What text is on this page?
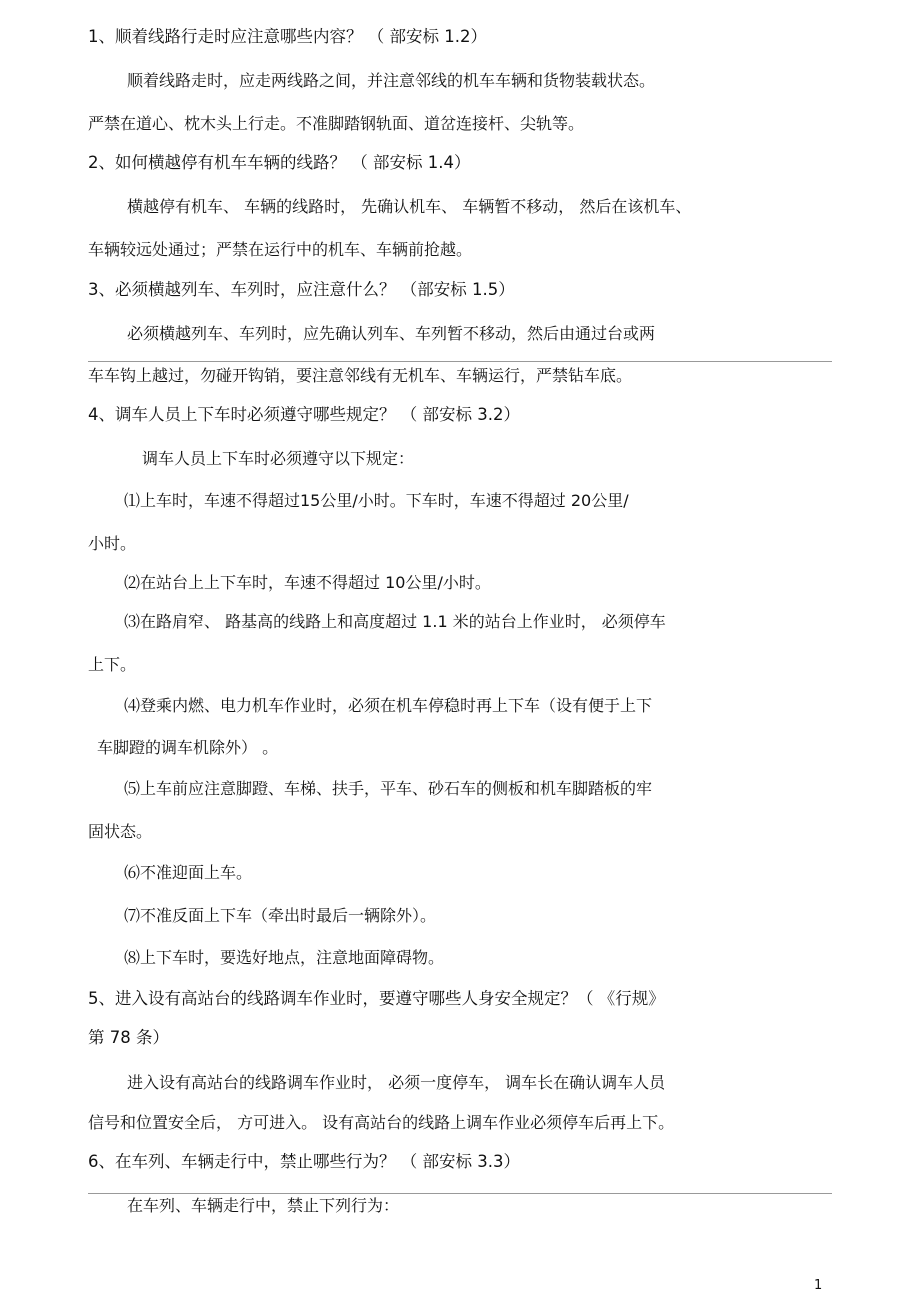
1、顺着线路行走时应注意哪些内容？ （ 部安标 1.2）
顺着线路走时，应走两线路之间，并注意邻线的机车车辆和货物装载状态。
严禁在道心、枕木头上行走。不准脚踏钢轨面、道岔连接杆、尖轨等。
2、如何横越停有机车车辆的线路？ （ 部安标 1.4）
横越停有机车、 车辆的线路时， 先确认机车、 车辆暂不移动， 然后在该机车、
车辆较远处通过；严禁在运行中的机车、车辆前抢越。
3、必须横越列车、车列时，应注意什么？ （部安标 1.5）
必须横越列车、车列时，应先确认列车、车列暂不移动，然后由通过台或两
车车钩上越过，勿碰开钩销，要注意邻线有无机车、车辆运行，严禁钻车底。
4、调车人员上下车时必须遵守哪些规定？ （ 部安标 3.2）
调车人员上下车时必须遵守以下规定：
⑴上车时，车速不得超过15公里/小时。下车时，车速不得超过 20公里/
小时。
⑵在站台上上下车时，车速不得超过 10公里/小时。
⑶在路肩窄、 路基高的线路上和高度超过 1.1 米的站台上作业时， 必须停车
上下。
⑷登乘内燃、电力机车作业时，必须在机车停稳时再上下车（设有便于上下
车脚蹬的调车机除外） 。
⑸上车前应注意脚蹬、车梯、扶手，平车、砂石车的侧板和机车脚踏板的牢
固状态。
⑹不准迎面上车。
⑺不准反面上下车（牵出时最后一辆除外）。
⑻上下车时，要选好地点，注意地面障碍物。
5、进入设有高站台的线路调车作业时，要遵守哪些人身安全规定？（ 《行规》
第 78 条）
进入设有高站台的线路调车作业时， 必须一度停车， 调车长在确认调车人员
信号和位置安全后， 方可进入。 设有高站台的线路上调车作业必须停车后再上下。
6、在车列、车辆走行中，禁止哪些行为？ （ 部安标 3.3）
在车列、车辆走行中，禁止下列行为：
1
